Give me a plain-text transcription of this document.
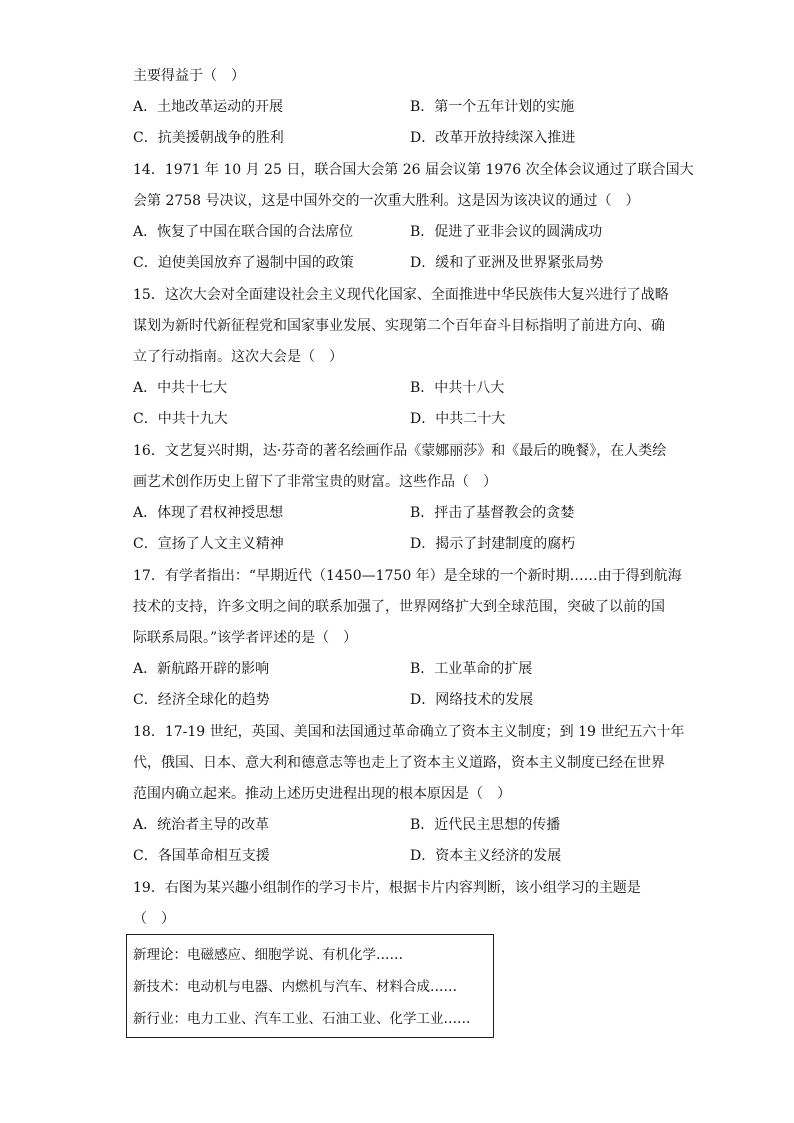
主要得益于（　）
A．土地改革运动的开展	B．第一个五年计划的实施
C．抗美援朝战争的胜利	D．改革开放持续深入推进
14．1971 年 10 月 25 日，联合国大会第 26 届会议第 1976 次全体会议通过了联合国大
会第 2758 号决议，这是中国外交的一次重大胜利。这是因为该决议的通过（　）
A．恢复了中国在联合国的合法席位	B．促进了亚非会议的圆满成功
C．迫使美国放弃了遏制中国的政策	D．缓和了亚洲及世界紧张局势
15．这次大会对全面建设社会主义现代化国家、全面推进中华民族伟大复兴进行了战略
谋划为新时代新征程党和国家事业发展、实现第二个百年奋斗目标指明了前进方向、确
立了行动指南。这次大会是（　）
A．中共十七大	B．中共十八大
C．中共十九大	D．中共二十大
16．文艺复兴时期，达·芬奇的著名绘画作品《蒙娜丽莎》和《最后的晚餐》，在人类绘
画艺术创作历史上留下了非常宝贵的财富。这些作品（　）
A．体现了君权神授思想	B．抨击了基督教会的贪婪
C．宣扬了人文主义精神	D．揭示了封建制度的腐朽
17．有学者指出：“早期近代（1450—1750 年）是全球的一个新时期……由于得到航海
技术的支持，许多文明之间的联系加强了，世界网络扩大到全球范围，突破了以前的国
际联系局限。”该学者评述的是（　）
A．新航路开辟的影响	B．工业革命的扩展
C．经济全球化的趋势	D．网络技术的发展
18．17-19 世纪，英国、美国和法国通过革命确立了资本主义制度；到 19 世纪五六十年
代，俄国、日本、意大利和德意志等也走上了资本主义道路，资本主义制度已经在世界
范围内确立起来。推动上述历史进程出现的根本原因是（　）
A．统治者主导的改革	B．近代民主思想的传播
C．各国革命相互支援	D．资本主义经济的发展
19．右图为某兴趣小组制作的学习卡片，根据卡片内容判断，该小组学习的主题是
（　）
新理论：电磁感应、细胞学说、有机化学……
新技术：电动机与电器、内燃机与汽车、材料合成……
新行业：电力工业、汽车工业、石油工业、化学工业……
